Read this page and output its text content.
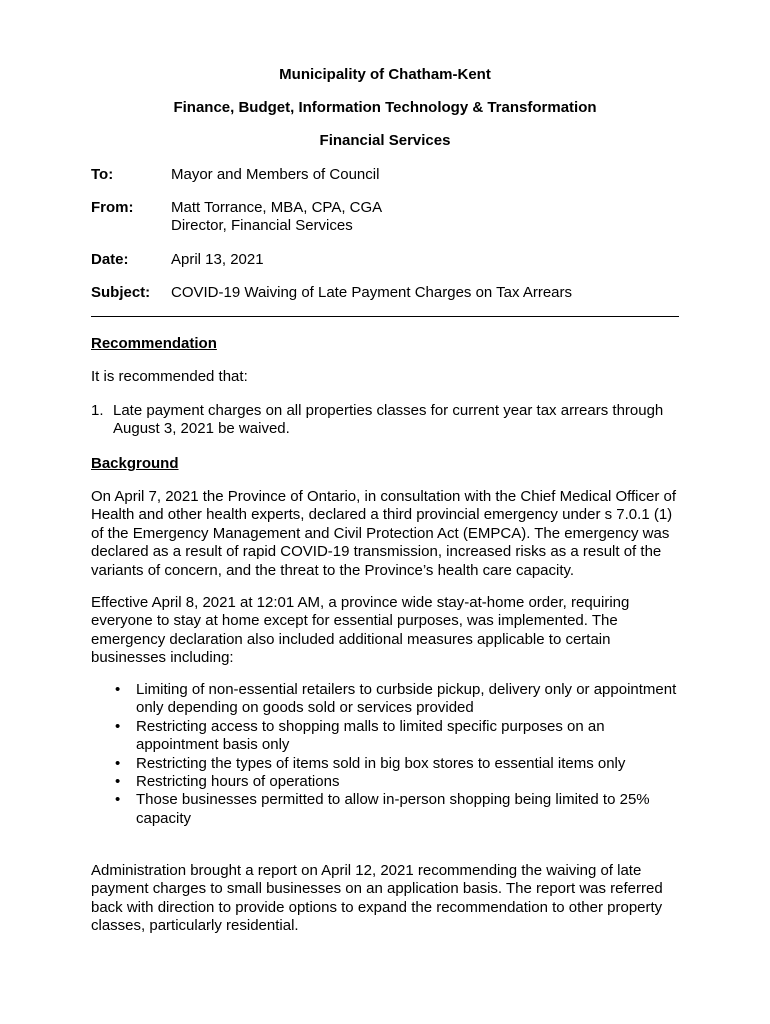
Municipality of Chatham-Kent
Finance, Budget, Information Technology & Transformation
Financial Services
To:	Mayor and Members of Council
From:	Matt Torrance, MBA, CPA, CGA
Director, Financial Services
Date:	April 13, 2021
Subject: COVID-19 Waiving of Late Payment Charges on Tax Arrears
Recommendation
It is recommended that:
1. Late payment charges on all properties classes for current year tax arrears through August 3, 2021 be waived.
Background
On April 7, 2021 the Province of Ontario, in consultation with the Chief Medical Officer of Health and other health experts, declared a third provincial emergency under s 7.0.1 (1) of the Emergency Management and Civil Protection Act (EMPCA). The emergency was declared as a result of rapid COVID-19 transmission, increased risks as a result of the variants of concern, and the threat to the Province’s health care capacity.
Effective April 8, 2021 at 12:01 AM, a province wide stay-at-home order, requiring everyone to stay at home except for essential purposes, was implemented. The emergency declaration also included additional measures applicable to certain businesses including:
• Limiting of non-essential retailers to curbside pickup, delivery only or appointment only depending on goods sold or services provided
• Restricting access to shopping malls to limited specific purposes on an appointment basis only
• Restricting the types of items sold in big box stores to essential items only
• Restricting hours of operations
• Those businesses permitted to allow in-person shopping being limited to 25% capacity
Administration brought a report on April 12, 2021 recommending the waiving of late payment charges to small businesses on an application basis. The report was referred back with direction to provide options to expand the recommendation to other property classes, particularly residential.
